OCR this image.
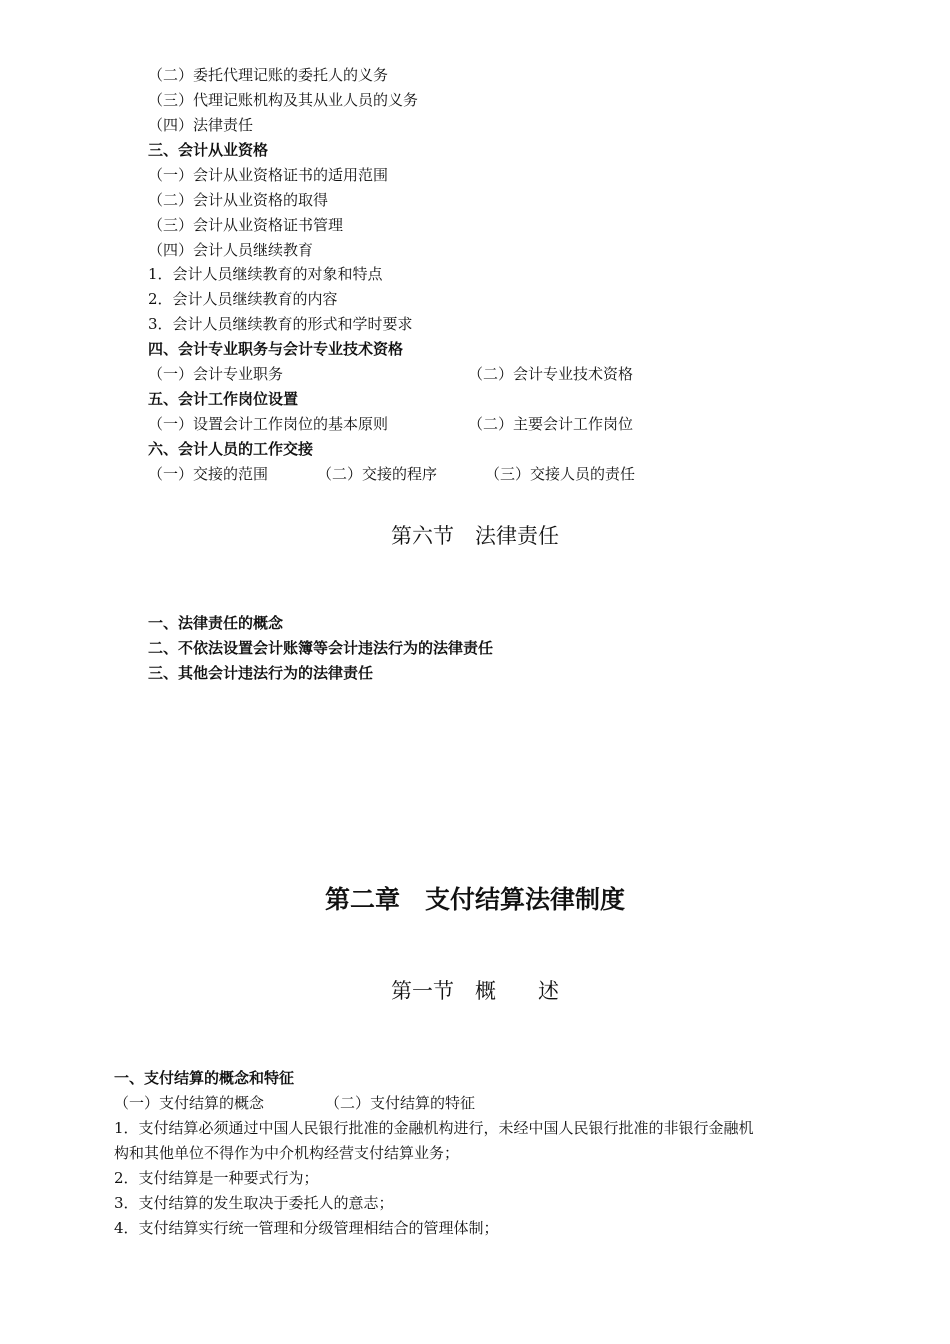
（二）委托代理记账的委托人的义务
（三）代理记账机构及其从业人员的义务
（四）法律责任
三、会计从业资格
（一）会计从业资格证书的适用范围
（二）会计从业资格的取得
（三）会计从业资格证书管理
（四）会计人员继续教育
1．会计人员继续教育的对象和特点
2．会计人员继续教育的内容
3．会计人员继续教育的形式和学时要求
四、会计专业职务与会计专业技术资格
（一）会计专业职务	（二）会计专业技术资格
五、会计工作岗位设置
（一）设置会计工作岗位的基本原则	（二）主要会计工作岗位
六、会计人员的工作交接
（一）交接的范围	（二）交接的程序	（三）交接人员的责任
第六节　法律责任
一、法律责任的概念
二、不依法设置会计账簿等会计违法行为的法律责任
三、其他会计违法行为的法律责任
第二章　支付结算法律制度
第一节　概　　述
一、支付结算的概念和特征
（一）支付结算的概念	（二）支付结算的特征
1．支付结算必须通过中国人民银行批准的金融机构进行，未经中国人民银行批准的非银行金融机
构和其他单位不得作为中介机构经营支付结算业务；
2．支付结算是一种要式行为；
3．支付结算的发生取决于委托人的意志；
4．支付结算实行统一管理和分级管理相结合的管理体制；
